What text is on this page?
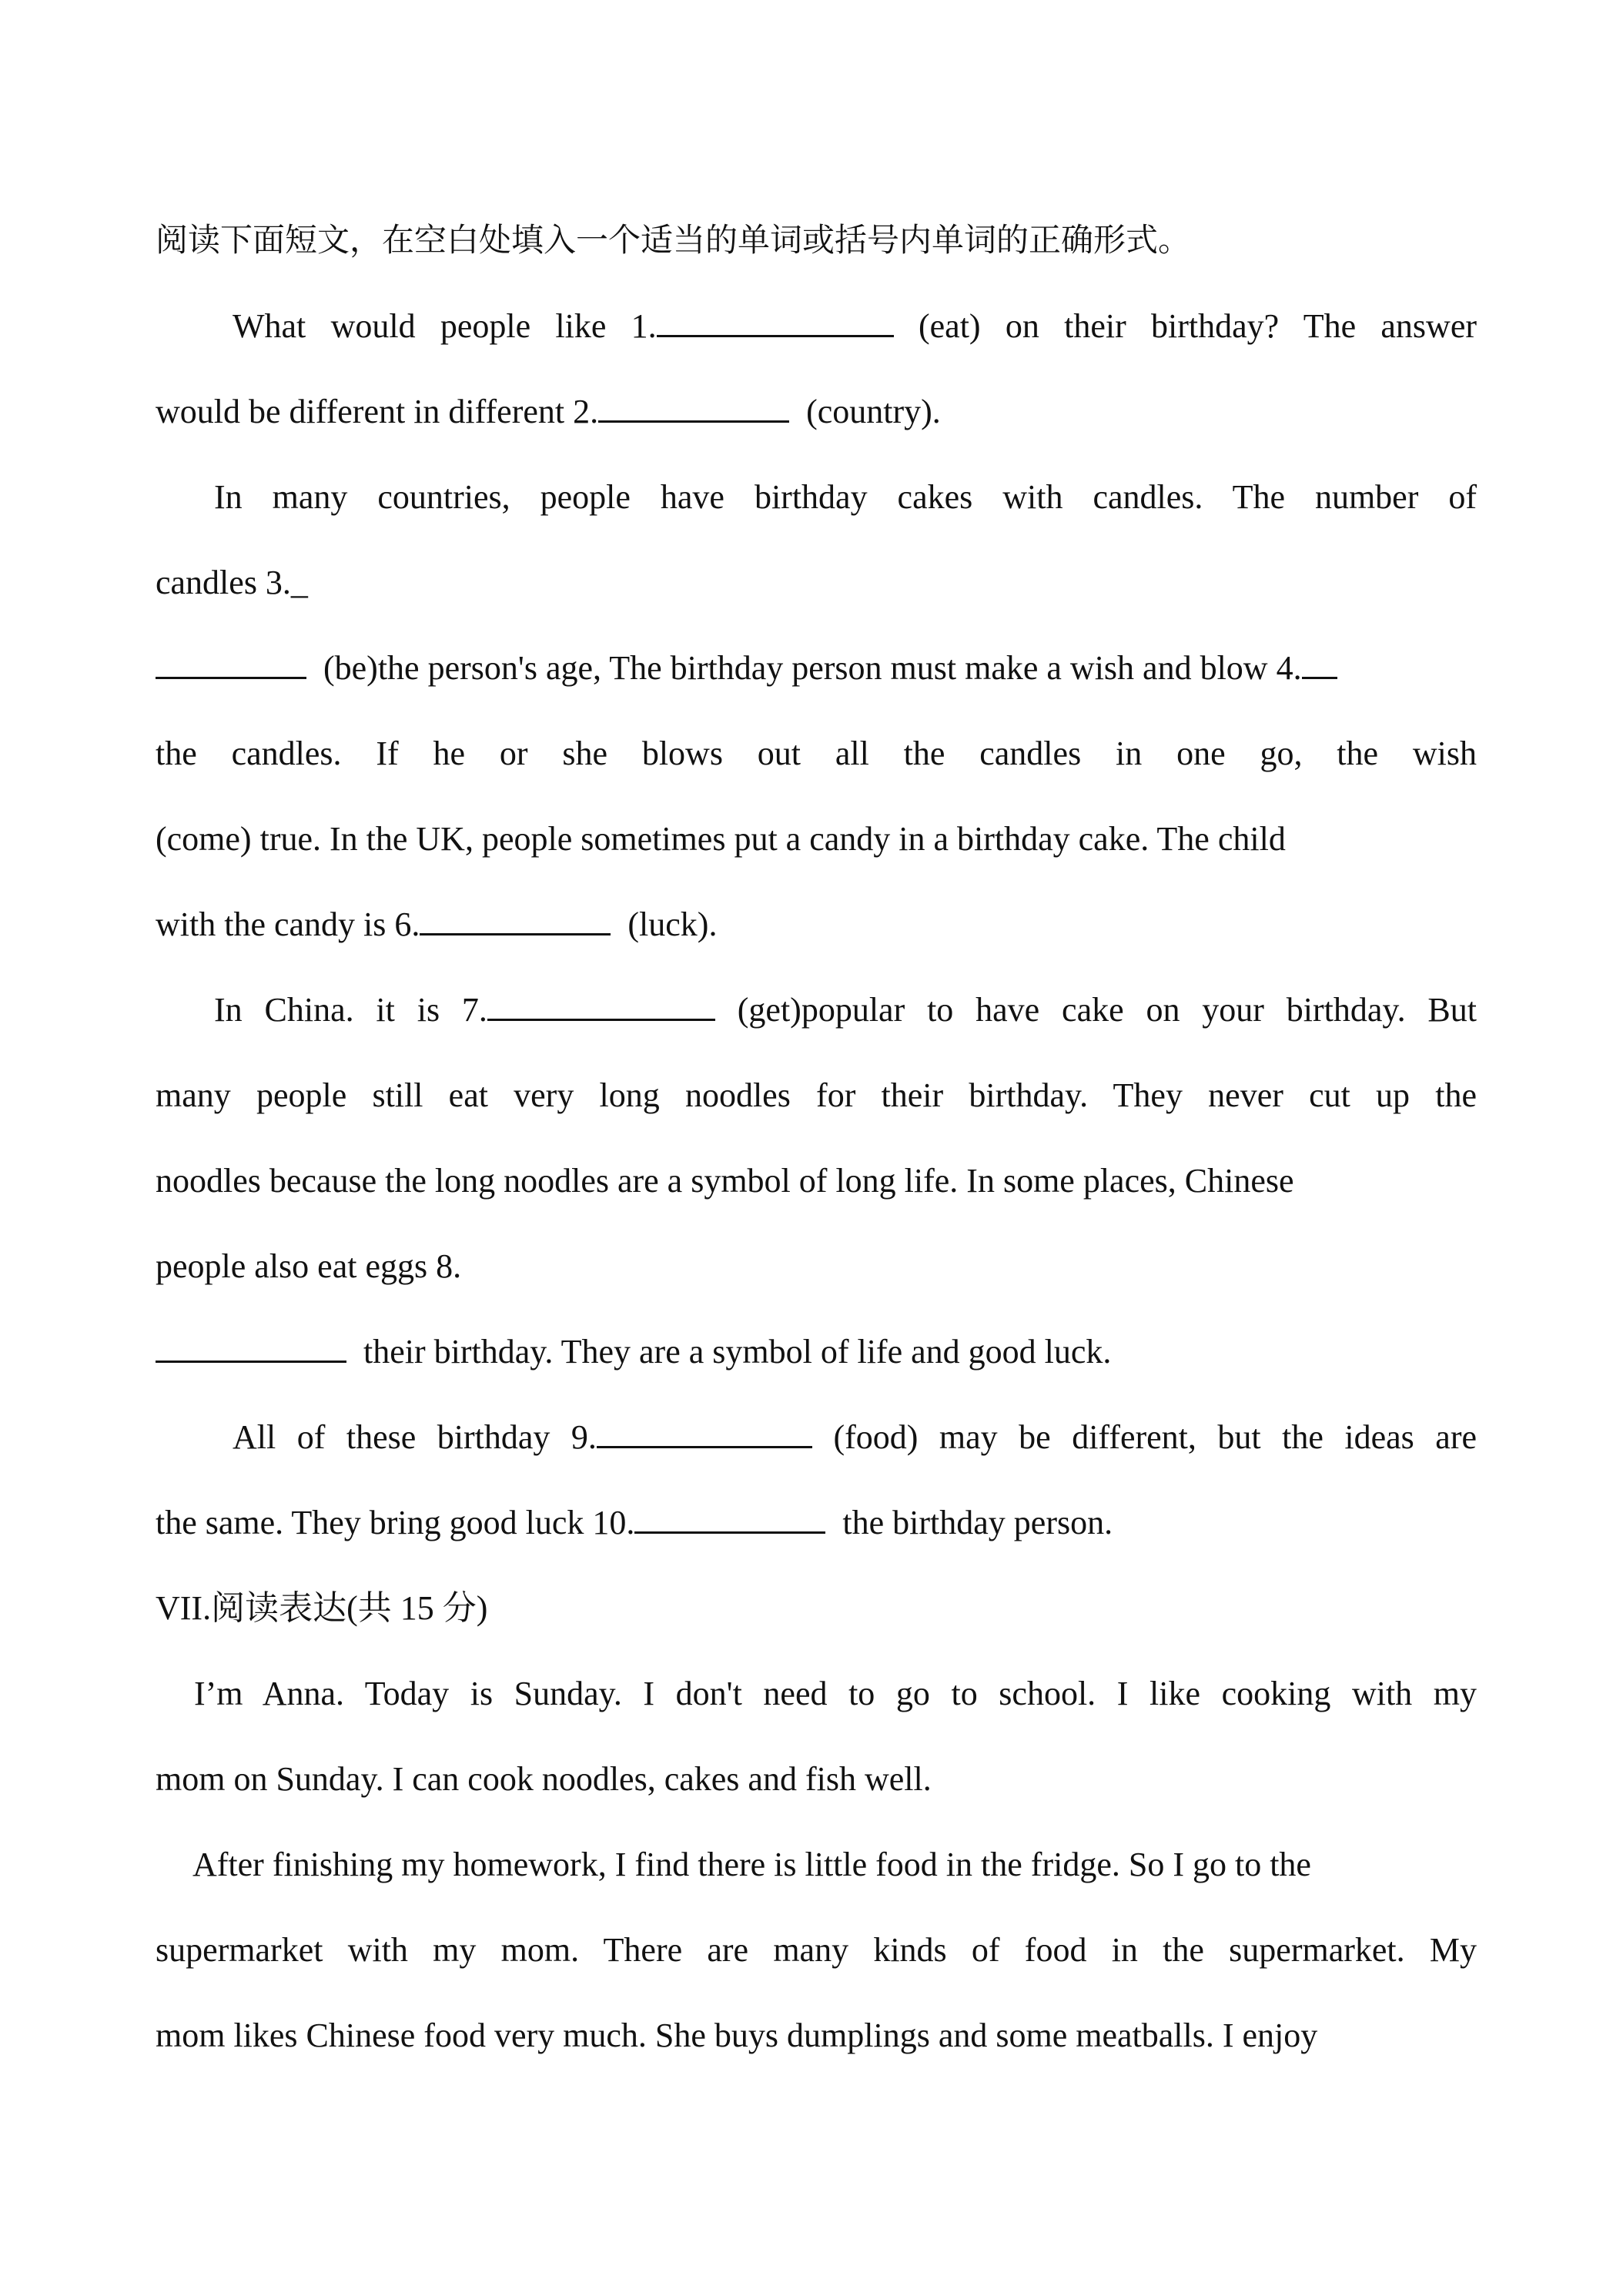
阅读下面短文，在空白处填入一个适当的单词或括号内单词的正确形式。
What would people like 1.	(eat) on their birthday? The answer
would be different in different 2.	(country).
In many countries, people have birthday cakes with candles. The number of
candles 3._
(be)the person's age, The birthday person must make a wish and blow 4.
the candles. If he or she blows out all the candles in one go, the wish
(come) true. In the UK, people sometimes put a candy in a birthday cake. The child
with the candy is 6.	(luck).
In China. it is 7.	(get)popular to have cake on your birthday. But
many people still eat very long noodles for their birthday. They never cut up the
noodles because the long noodles are a symbol of long life. In some places, Chinese
people also eat eggs 8.
their birthday. They are a symbol of life and good luck.
All of these birthday 9.	(food) may be different, but the ideas are
the same. They bring good luck 10.	the birthday person.
VII.阅读表达(共 15 分)
I’m Anna. Today is Sunday. I don't need to go to school. I like cooking with my
mom on Sunday. I can cook noodles, cakes and fish well.
After finishing my homework, I find there is little food in the fridge. So I go to the
supermarket with my mom. There are many kinds of food in the supermarket. My
mom likes Chinese food very much. She buys dumplings and some meatballs. I enjoy
